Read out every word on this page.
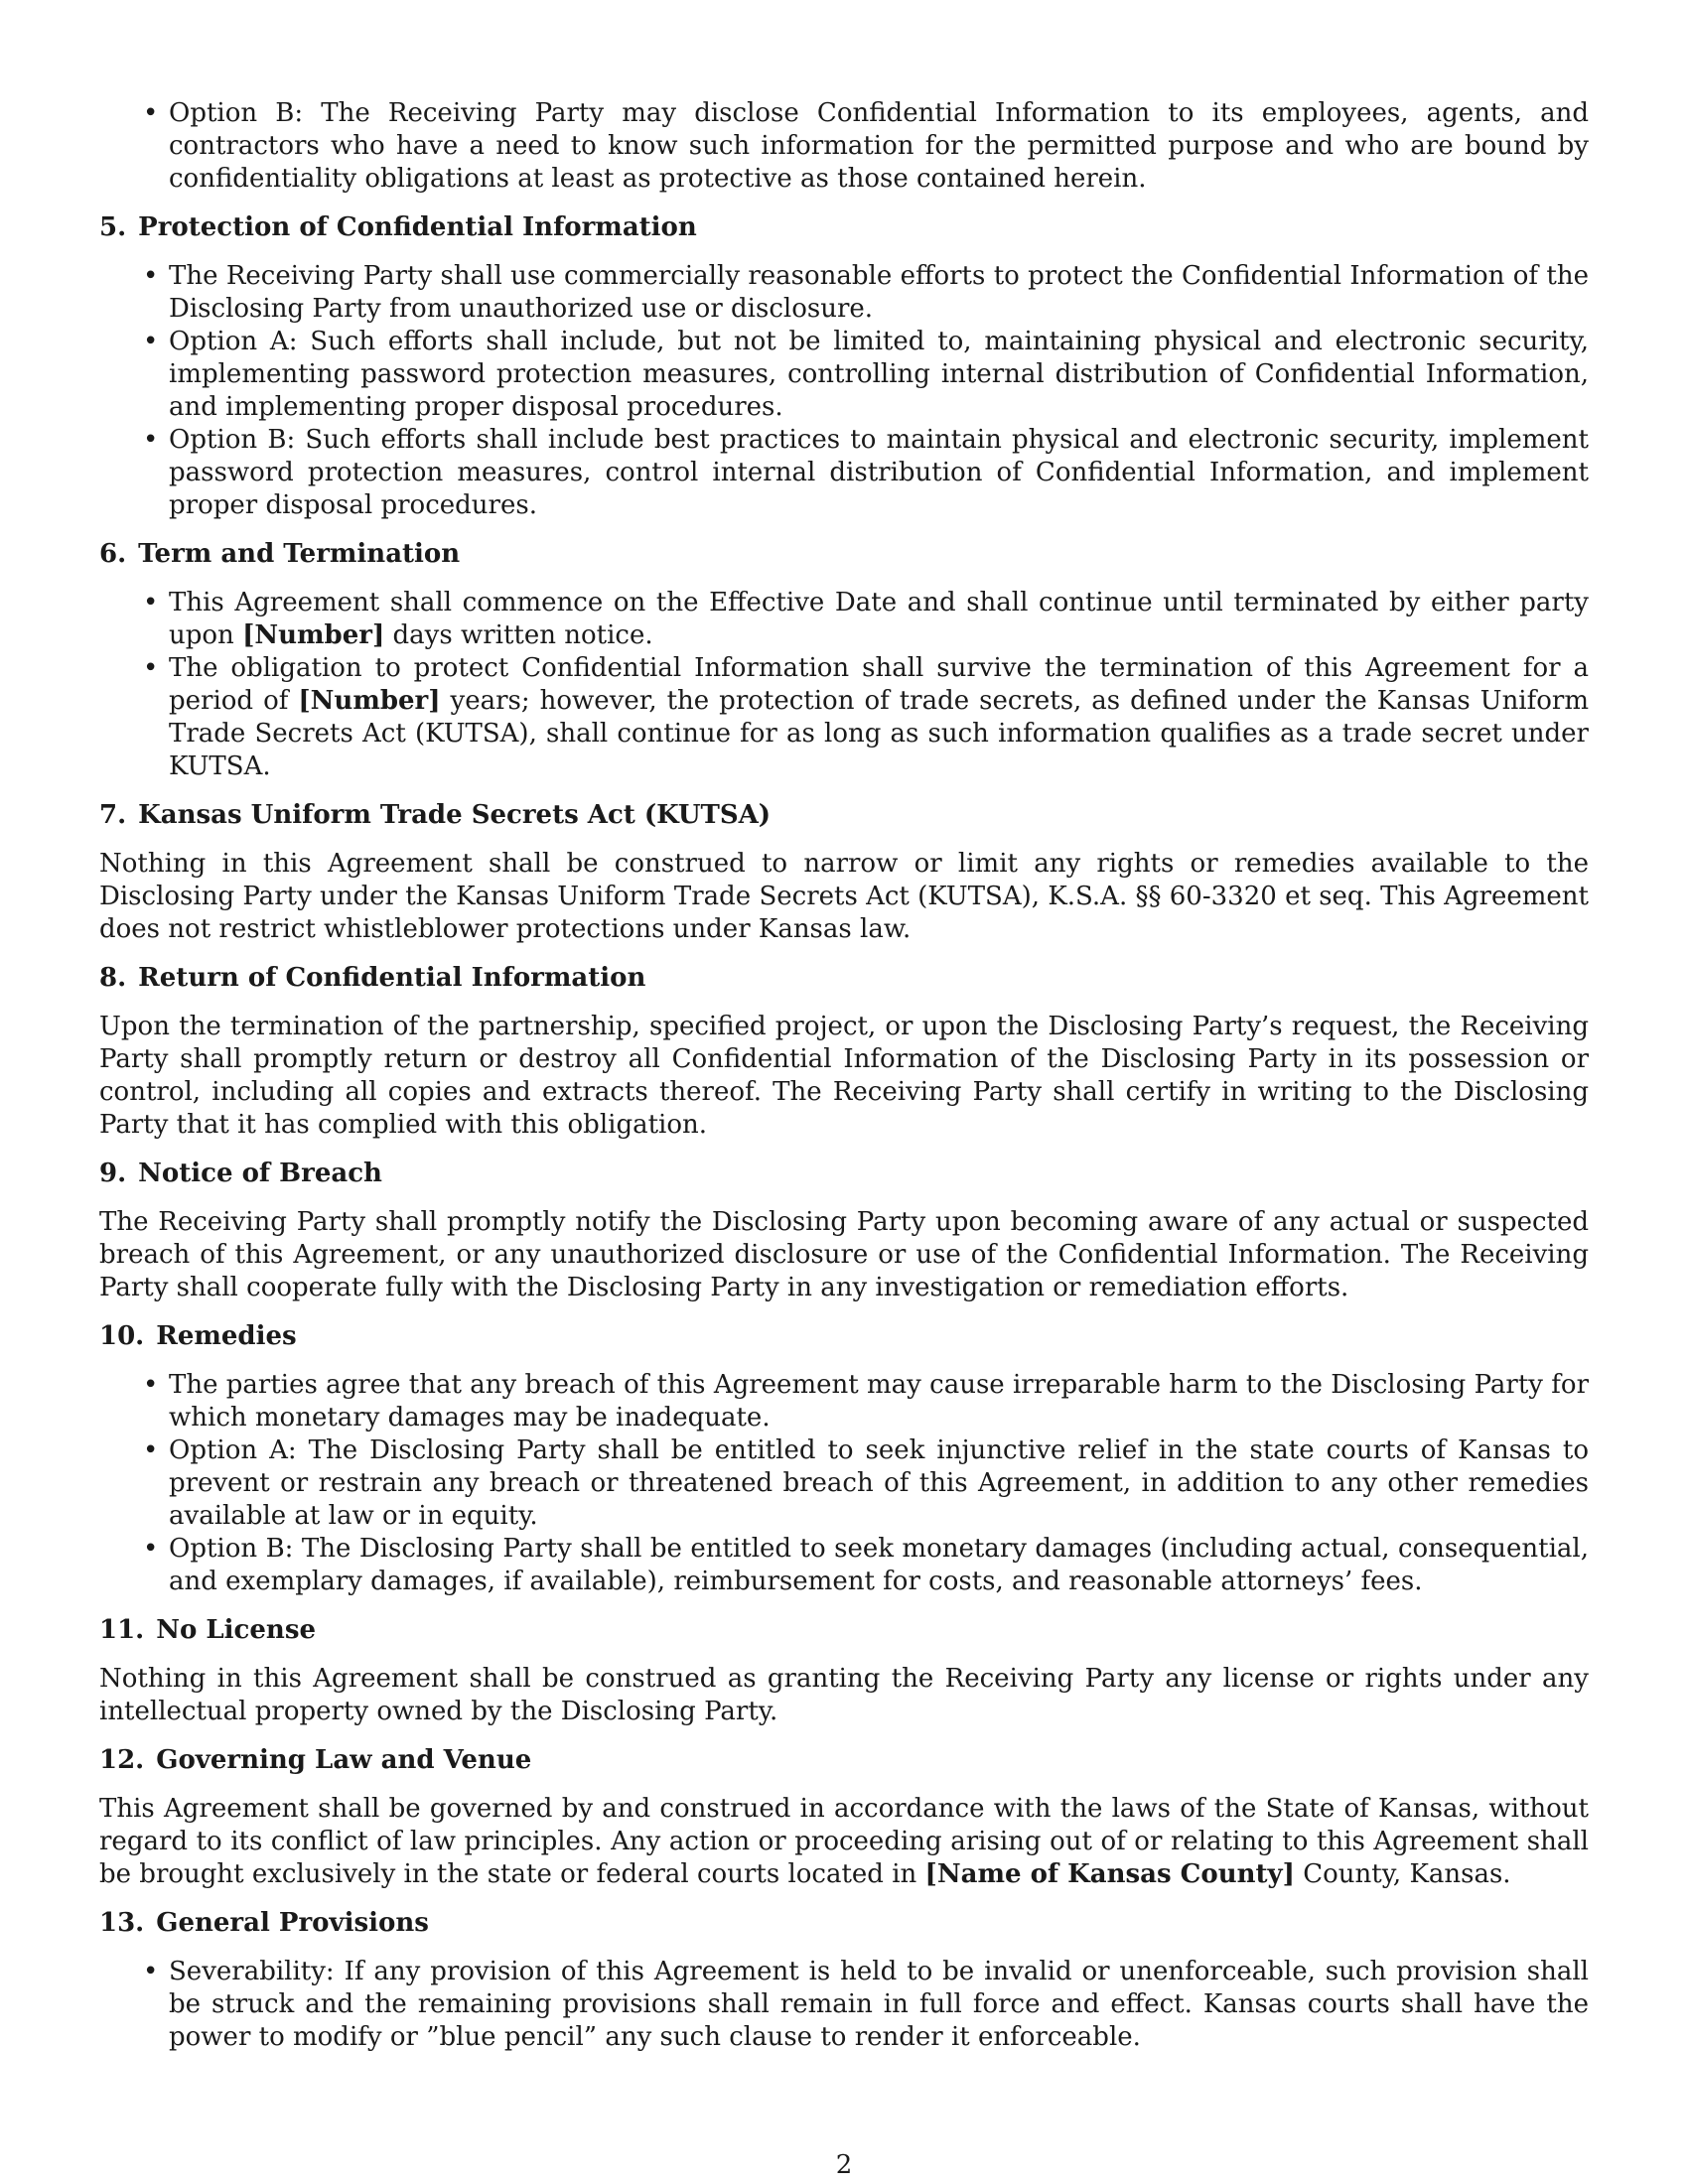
• Option B: The Receiving Party may disclose Confidential Information to its employees, agents, and contractors who have a need to know such information for the permitted purpose and who are bound by confidentiality obligations at least as protective as those contained herein.
5. Protection of Confidential Information
• The Receiving Party shall use commercially reasonable efforts to protect the Confidential Information of the Disclosing Party from unauthorized use or disclosure.
• Option A: Such efforts shall include, but not be limited to, maintaining physical and electronic security, implementing password protection measures, controlling internal distribution of Confidential Information, and implementing proper disposal procedures.
• Option B: Such efforts shall include best practices to maintain physical and electronic security, implement password protection measures, control internal distribution of Confidential Information, and implement proper disposal procedures.
6. Term and Termination
• This Agreement shall commence on the Effective Date and shall continue until terminated by either party upon [Number] days written notice.
• The obligation to protect Confidential Information shall survive the termination of this Agreement for a period of [Number] years; however, the protection of trade secrets, as defined under the Kansas Uniform Trade Secrets Act (KUTSA), shall continue for as long as such information qualifies as a trade secret under KUTSA.
7. Kansas Uniform Trade Secrets Act (KUTSA)

Nothing in this Agreement shall be construed to narrow or limit any rights or remedies available to the Disclosing Party under the Kansas Uniform Trade Secrets Act (KUTSA), K.S.A. §§ 60-3320 et seq. This Agreement does not restrict whistleblower protections under Kansas law.

8. Return of Confidential Information

Upon the termination of the partnership, specified project, or upon the Disclosing Party’s request, the Receiving Party shall promptly return or destroy all Confidential Information of the Disclosing Party in its possession or control, including all copies and extracts thereof. The Receiving Party shall certify in writing to the Disclosing Party that it has complied with this obligation.

9. Notice of Breach

The Receiving Party shall promptly notify the Disclosing Party upon becoming aware of any actual or suspected breach of this Agreement, or any unauthorized disclosure or use of the Confidential Information. The Receiving Party shall cooperate fully with the Disclosing Party in any investigation or remediation efforts.

10. Remedies
• The parties agree that any breach of this Agreement may cause irreparable harm to the Disclosing Party for which monetary damages may be inadequate.
• Option A: The Disclosing Party shall be entitled to seek injunctive relief in the state courts of Kansas to prevent or restrain any breach or threatened breach of this Agreement, in addition to any other remedies available at law or in equity.
• Option B: The Disclosing Party shall be entitled to seek monetary damages (including actual, consequential, and exemplary damages, if available), reimbursement for costs, and reasonable attorneys’ fees.
11. No License

Nothing in this Agreement shall be construed as granting the Receiving Party any license or rights under any intellectual property owned by the Disclosing Party.

12. Governing Law and Venue

This Agreement shall be governed by and construed in accordance with the laws of the State of Kansas, without regard to its conflict of law principles. Any action or proceeding arising out of or relating to this Agreement shall be brought exclusively in the state or federal courts located in [Name of Kansas County] County, Kansas.

13. General Provisions
• Severability: If any provision of this Agreement is held to be invalid or unenforceable, such provision shall be struck and the remaining provisions shall remain in full force and effect. Kansas courts shall have the power to modify or ”blue pencil” any such clause to render it enforceable.
2
